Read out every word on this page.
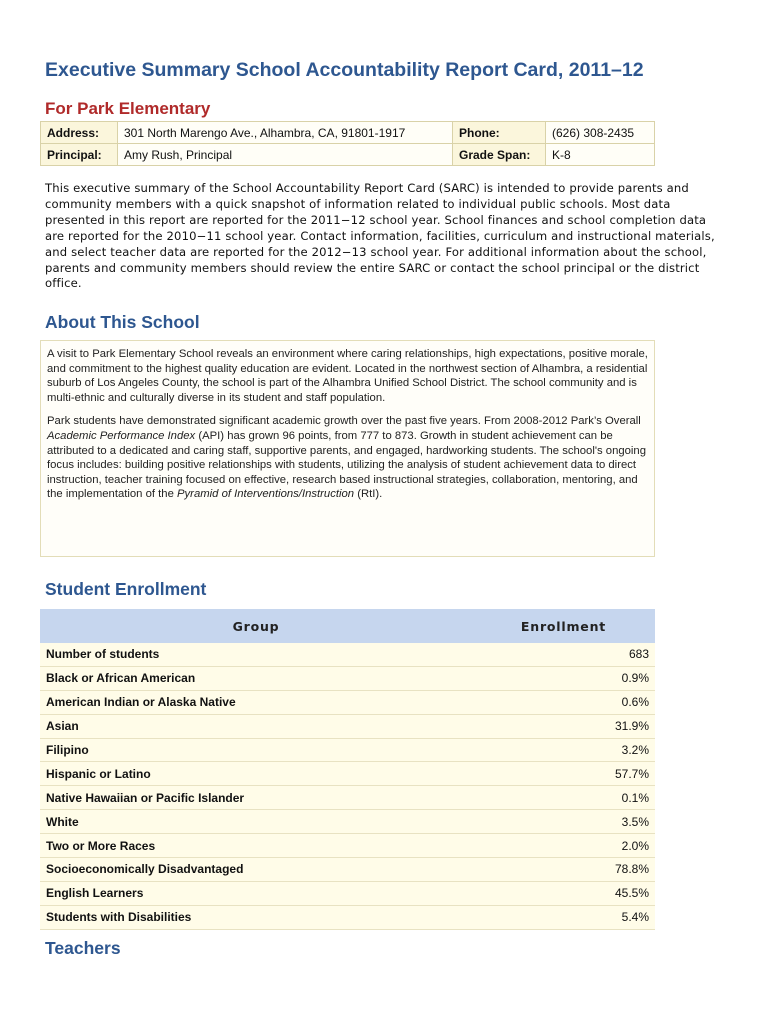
Executive Summary School Accountability Report Card, 2011–12
For Park Elementary
Address:	301 North Marengo Ave., Alhambra, CA, 91801-1917	Phone:	(626) 308-2435
Principal:	Amy Rush, Principal	Grade Span:	K-8

This executive summary of the School Accountability Report Card (SARC) is intended to provide parents and community members with a quick snapshot of information related to individual public schools. Most data presented in this report are reported for the 2011−12 school year. School finances and school completion data are reported for the 2010−11 school year. Contact information, facilities, curriculum and instructional materials, and select teacher data are reported for the 2012−13 school year. For additional information about the school, parents and community members should review the entire SARC or contact the school principal or the district office.

About This School

A visit to Park Elementary School reveals an environment where caring relationships, high expectations, positive morale, and commitment to the highest quality education are evident. Located in the northwest section of Alhambra, a residential suburb of Los Angeles County, the school is part of the Alhambra Unified School District. The school community and is multi-ethnic and culturally diverse in its student and staff population.

Park students have demonstrated significant academic growth over the past five years. From 2008-2012 Park’s Overall Academic Performance Index (API) has grown 96 points, from 777 to 873. Growth in student achievement can be attributed to a dedicated and caring staff, supportive parents, and engaged, hardworking students. The school's ongoing focus includes: building positive relationships with students, utilizing the analysis of student achievement data to direct instruction, teacher training focused on effective, research based instructional strategies, collaboration, mentoring, and the implementation of the Pyramid of Interventions/Instruction (RtI).

Student Enrollment
Group	Enrollment
Number of students	683
Black or African American	0.9%
American Indian or Alaska Native	0.6%
Asian	31.9%
Filipino	3.2%
Hispanic or Latino	57.7%
Native Hawaiian or Pacific Islander	0.1%
White	3.5%
Two or More Races	2.0%
Socioeconomically Disadvantaged	78.8%
English Learners	45.5%
Students with Disabilities	5.4%
Teachers
